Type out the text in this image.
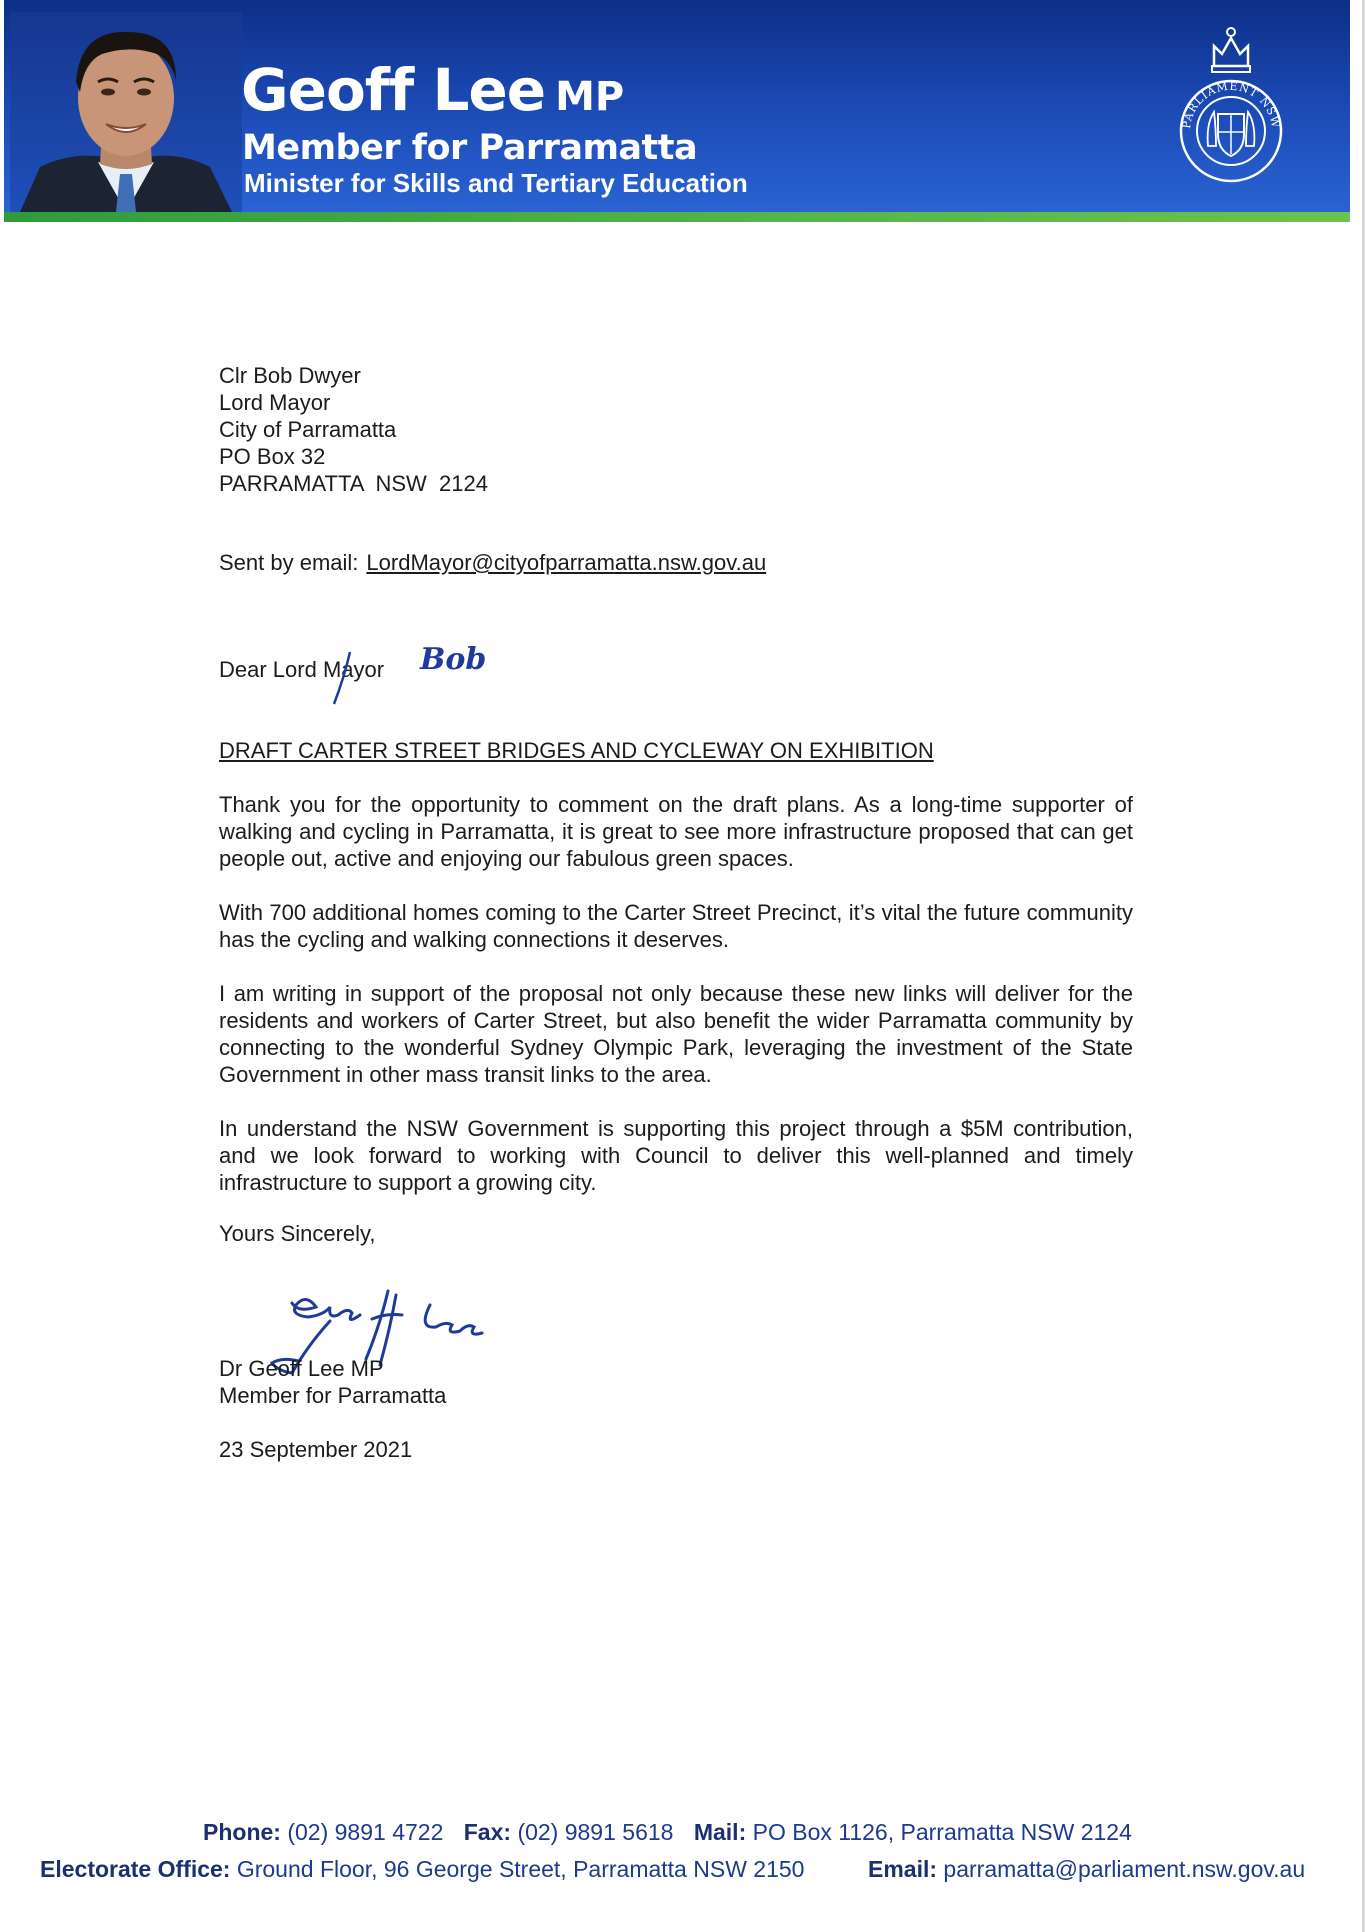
Geoff Lee MP

Member for Parramatta

Minister for Skills and Tertiary Education

PARLIAMENT NSW
Clr Bob Dwyer
Lord Mayor
City of Parramatta
PO Box 32
PARRAMATTA  NSW  2124

Sent by email: LordMayor@cityofparramatta.nsw.gov.au

Dear Lord Mayor Bob

DRAFT CARTER STREET BRIDGES AND CYCLEWAY ON EXHIBITION

Thank you for the opportunity to comment on the draft plans. As a long-time supporter of walking and cycling in Parramatta, it is great to see more infrastructure proposed that can get people out, active and enjoying our fabulous green spaces.

With 700 additional homes coming to the Carter Street Precinct, it’s vital the future community has the cycling and walking connections it deserves.

I am writing in support of the proposal not only because these new links will deliver for the residents and workers of Carter Street, but also benefit the wider Parramatta community by connecting to the wonderful Sydney Olympic Park, leveraging the investment of the State Government in other mass transit links to the area.

In understand the NSW Government is supporting this project through a $5M contribution, and we look forward to working with Council to deliver this well-planned and timely infrastructure to support a growing city.

Yours Sincerely,

Dr Geoff Lee MP

Member for Parramatta

23 September 2021

Phone: (02) 9891 4722 Fax: (02) 9891 5618 Mail: PO Box 1126, Parramatta NSW 2124

Electorate Office: Ground Floor, 96 George Street, Parramatta NSW 2150	Email: parramatta@parliament.nsw.gov.au
